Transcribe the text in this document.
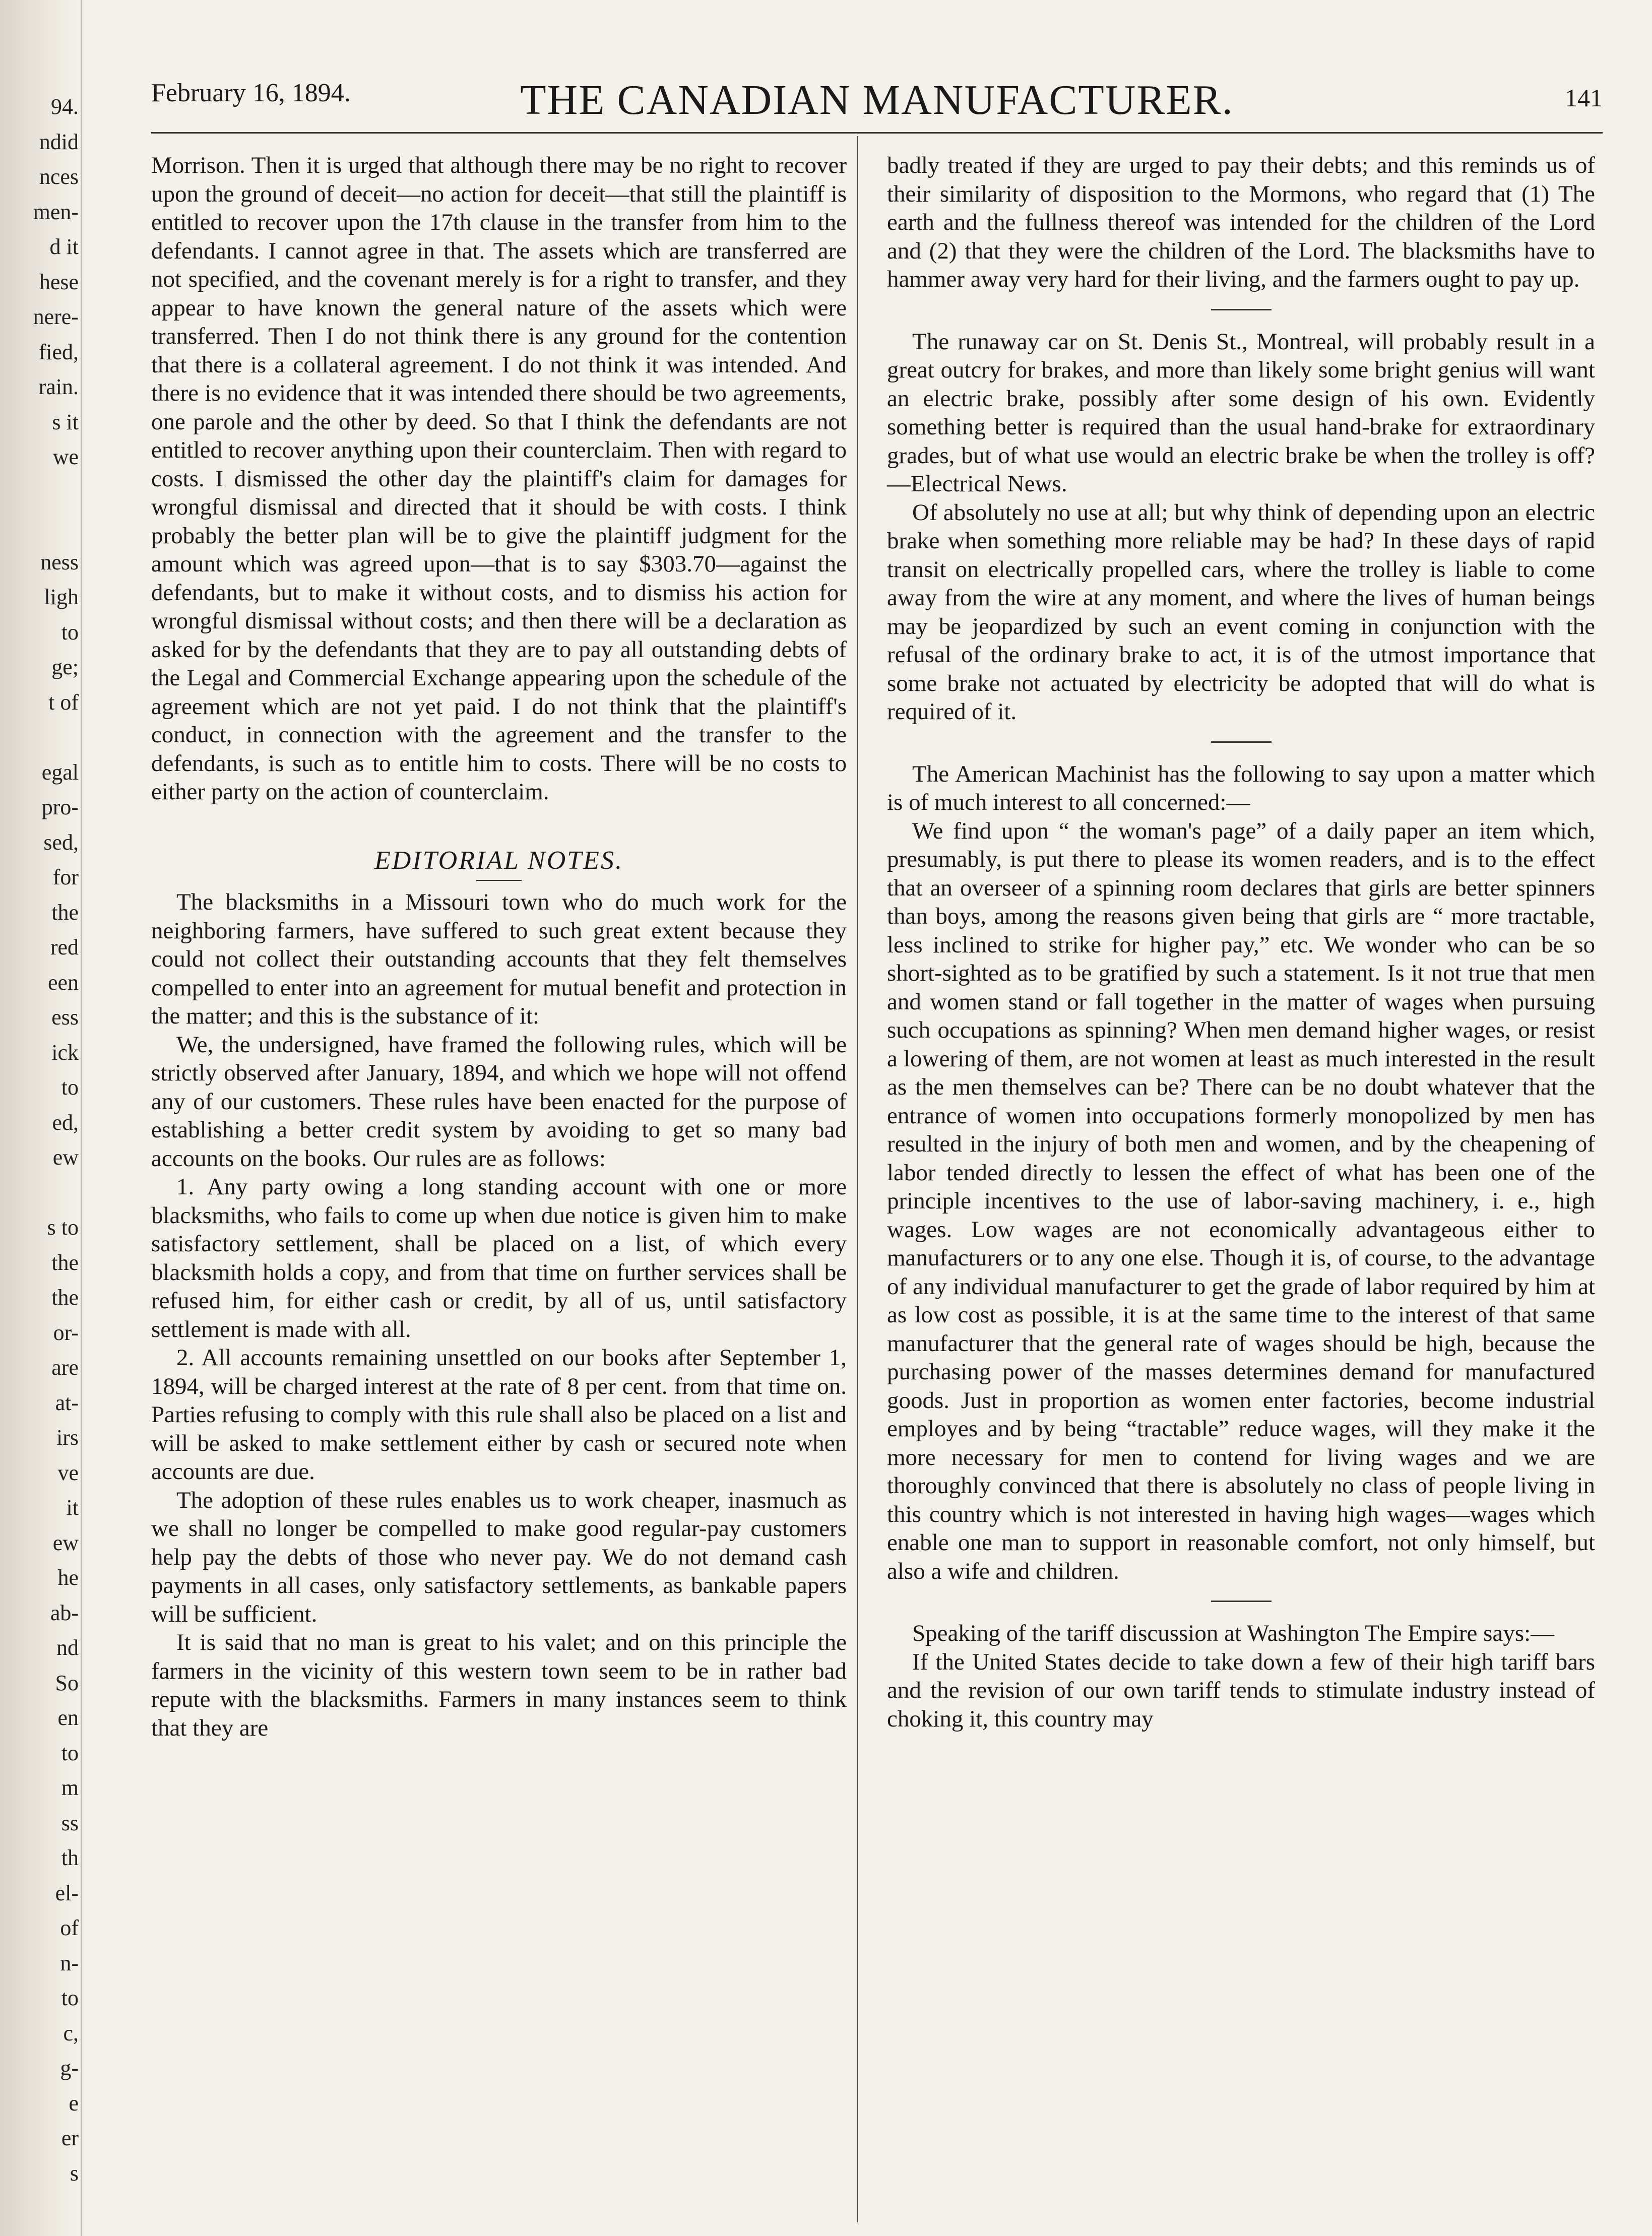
94.
ndid
nces
men-
d it
hese
nere-
fied,
rain.
s it
we
ness
ligh
to
ge;
t of
egal
pro-
sed,
for
the
red
een
ess
ick
to
ed,
ew
s to
the
the
or-
are
at-
irs
ve
it
ew
he
ab-
nd
So
en
to
m
ss
th
el-
of
n-
to
c,
g-
e
er
s
February 16, 1894.	THE CANADIAN MANUFACTURER.	141

Morrison. Then it is urged that although there may be no right to recover upon the ground of deceit—no action for deceit—that still the plaintiff is entitled to recover upon the 17th clause in the transfer from him to the defendants. I cannot agree in that. The assets which are transferred are not specified, and the covenant merely is for a right to transfer, and they appear to have known the general nature of the assets which were transferred. Then I do not think there is any ground for the contention that there is a collateral agreement. I do not think it was intended. And there is no evidence that it was intended there should be two agreements, one parole and the other by deed. So that I think the defendants are not entitled to recover anything upon their counterclaim. Then with regard to costs. I dismissed the other day the plaintiff's claim for damages for wrongful dismissal and directed that it should be with costs. I think probably the better plan will be to give the plaintiff judgment for the amount which was agreed upon—that is to say $303.70—against the defendants, but to make it without costs, and to dismiss his action for wrongful dismissal without costs; and then there will be a declaration as asked for by the defendants that they are to pay all outstanding debts of the Legal and Commercial Exchange appearing upon the schedule of the agreement which are not yet paid. I do not think that the plaintiff's conduct, in connection with the agreement and the transfer to the defendants, is such as to entitle him to costs. There will be no costs to either party on the action of counterclaim.

EDITORIAL NOTES.

The blacksmiths in a Missouri town who do much work for the neighboring farmers, have suffered to such great extent because they could not collect their outstanding accounts that they felt themselves compelled to enter into an agreement for mutual benefit and protection in the matter; and this is the substance of it:

We, the undersigned, have framed the following rules, which will be strictly observed after January, 1894, and which we hope will not offend any of our customers. These rules have been enacted for the purpose of establishing a better credit system by avoiding to get so many bad accounts on the books. Our rules are as follows:

1. Any party owing a long standing account with one or more blacksmiths, who fails to come up when due notice is given him to make satisfactory settlement, shall be placed on a list, of which every blacksmith holds a copy, and from that time on further services shall be refused him, for either cash or credit, by all of us, until satisfactory settlement is made with all.

2. All accounts remaining unsettled on our books after September 1, 1894, will be charged interest at the rate of 8 per cent. from that time on. Parties refusing to comply with this rule shall also be placed on a list and will be asked to make settlement either by cash or secured note when accounts are due.

The adoption of these rules enables us to work cheaper, inasmuch as we shall no longer be compelled to make good regular-pay customers help pay the debts of those who never pay. We do not demand cash payments in all cases, only satisfactory settlements, as bankable papers will be sufficient.

It is said that no man is great to his valet; and on this principle the farmers in the vicinity of this western town seem to be in rather bad repute with the blacksmiths. Farmers in many instances seem to think that they are

badly treated if they are urged to pay their debts; and this reminds us of their similarity of disposition to the Mormons, who regard that (1) The earth and the fullness thereof was intended for the children of the Lord and (2) that they were the children of the Lord. The blacksmiths have to hammer away very hard for their living, and the farmers ought to pay up.

The runaway car on St. Denis St., Montreal, will probably result in a great outcry for brakes, and more than likely some bright genius will want an electric brake, possibly after some design of his own. Evidently something better is required than the usual hand-brake for extraordinary grades, but of what use would an electric brake be when the trolley is off?—Electrical News.

Of absolutely no use at all; but why think of depending upon an electric brake when something more reliable may be had? In these days of rapid transit on electrically propelled cars, where the trolley is liable to come away from the wire at any moment, and where the lives of human beings may be jeopardized by such an event coming in conjunction with the refusal of the ordinary brake to act, it is of the utmost importance that some brake not actuated by electricity be adopted that will do what is required of it.

The American Machinist has the following to say upon a matter which is of much interest to all concerned:—

We find upon “ the woman's page” of a daily paper an item which, presumably, is put there to please its women readers, and is to the effect that an overseer of a spinning room declares that girls are better spinners than boys, among the reasons given being that girls are “ more tractable, less inclined to strike for higher pay,” etc. We wonder who can be so short-sighted as to be gratified by such a statement. Is it not true that men and women stand or fall together in the matter of wages when pursuing such occupations as spinning? When men demand higher wages, or resist a lowering of them, are not women at least as much interested in the result as the men themselves can be? There can be no doubt whatever that the entrance of women into occupations formerly monopolized by men has resulted in the injury of both men and women, and by the cheapening of labor tended directly to lessen the effect of what has been one of the principle incentives to the use of labor-saving machinery, i. e., high wages. Low wages are not economically advantageous either to manufacturers or to any one else. Though it is, of course, to the advantage of any individual manufacturer to get the grade of labor required by him at as low cost as possible, it is at the same time to the interest of that same manufacturer that the general rate of wages should be high, because the purchasing power of the masses determines demand for manufactured goods. Just in proportion as women enter factories, become industrial employes and by being “tractable” reduce wages, will they make it the more necessary for men to contend for living wages and we are thoroughly convinced that there is absolutely no class of people living in this country which is not interested in having high wages—wages which enable one man to support in reasonable comfort, not only himself, but also a wife and children.

Speaking of the tariff discussion at Washington The Empire says:—

If the United States decide to take down a few of their high tariff bars and the revision of our own tariff tends to stimulate industry instead of choking it, this country may
